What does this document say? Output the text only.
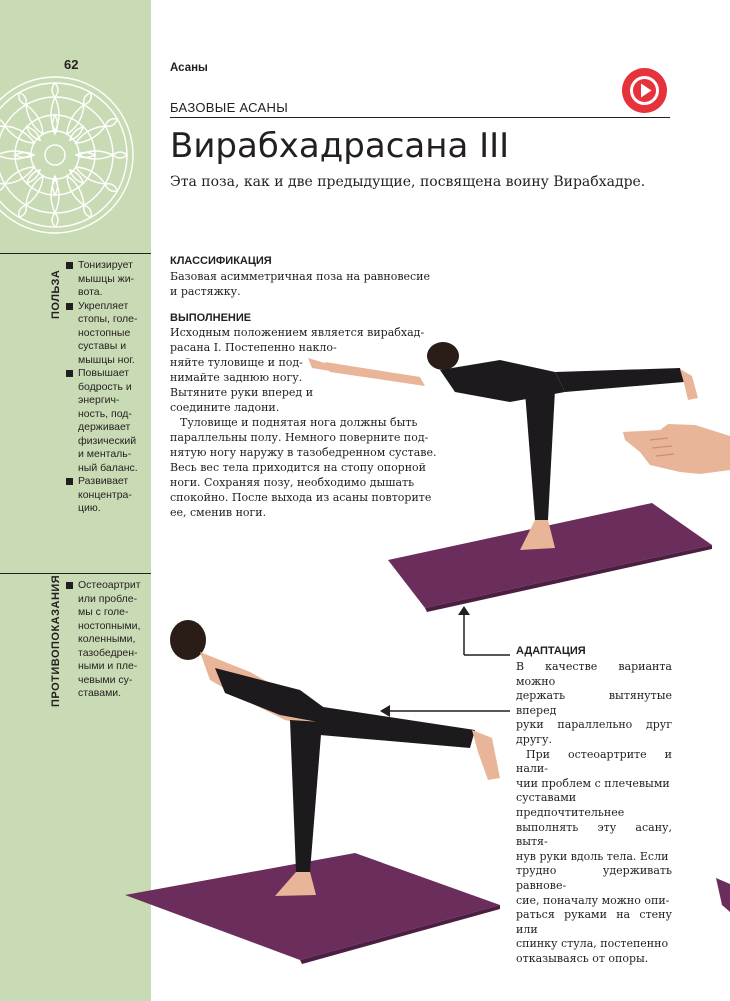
62
ПОЛЬЗА
Тонизирует
мышцы жи-
вота.
Укрепляет
стопы, голе-
ностопные
суставы и
мышцы ног.
Повышает
бодрость и
энергич-
ность, под-
держивает
физический
и менталь-
ный баланс.
Развивает
концентра-
цию.
ПРОТИВОПОКАЗАНИЯ	Остеоартрит
или пробле-
мы с голе-
ностопными,
коленными,
тазобедрен-
ными и пле-
чевыми су-
ставами.
Асаны
БАЗОВЫЕ АСАНЫ
Вирабхадрасана III
Эта поза, как и две предыдущие, посвящена воину Вирабхадре.
КЛАССИФИКАЦИЯ
Базовая асимметричная поза на равновесие
и растяжку.
ВЫПОЛНЕНИЕ
Исходным положением является вирабхад-
расана I. Постепенно накло-
няйте туловище и под-
нимайте заднюю ногу.
Вытяните руки вперед и
соедините ладони.
Туловище и поднятая нога должны быть
параллельны полу. Немного поверните под-
нятую ногу наружу в тазобедренном суставе.
Весь вес тела приходится на стопу опорной
ноги. Сохраняя позу, необходимо дышать
спокойно. После выхода из асаны повторите
ее, сменив ноги.
АДАПТАЦИЯ

В качестве варианта можно
держать вытянутые вперед
руки параллельно друг другу.

При остеоартрите и нали-
чии проблем с плечевыми
суставами предпочтительнее
выполнять эту асану, вытя-
нув руки вдоль тела. Если
трудно удерживать равнове-
сие, поначалу можно опи-
раться руками на стену или
спинку стула, постепенно
отказываясь от опоры.
